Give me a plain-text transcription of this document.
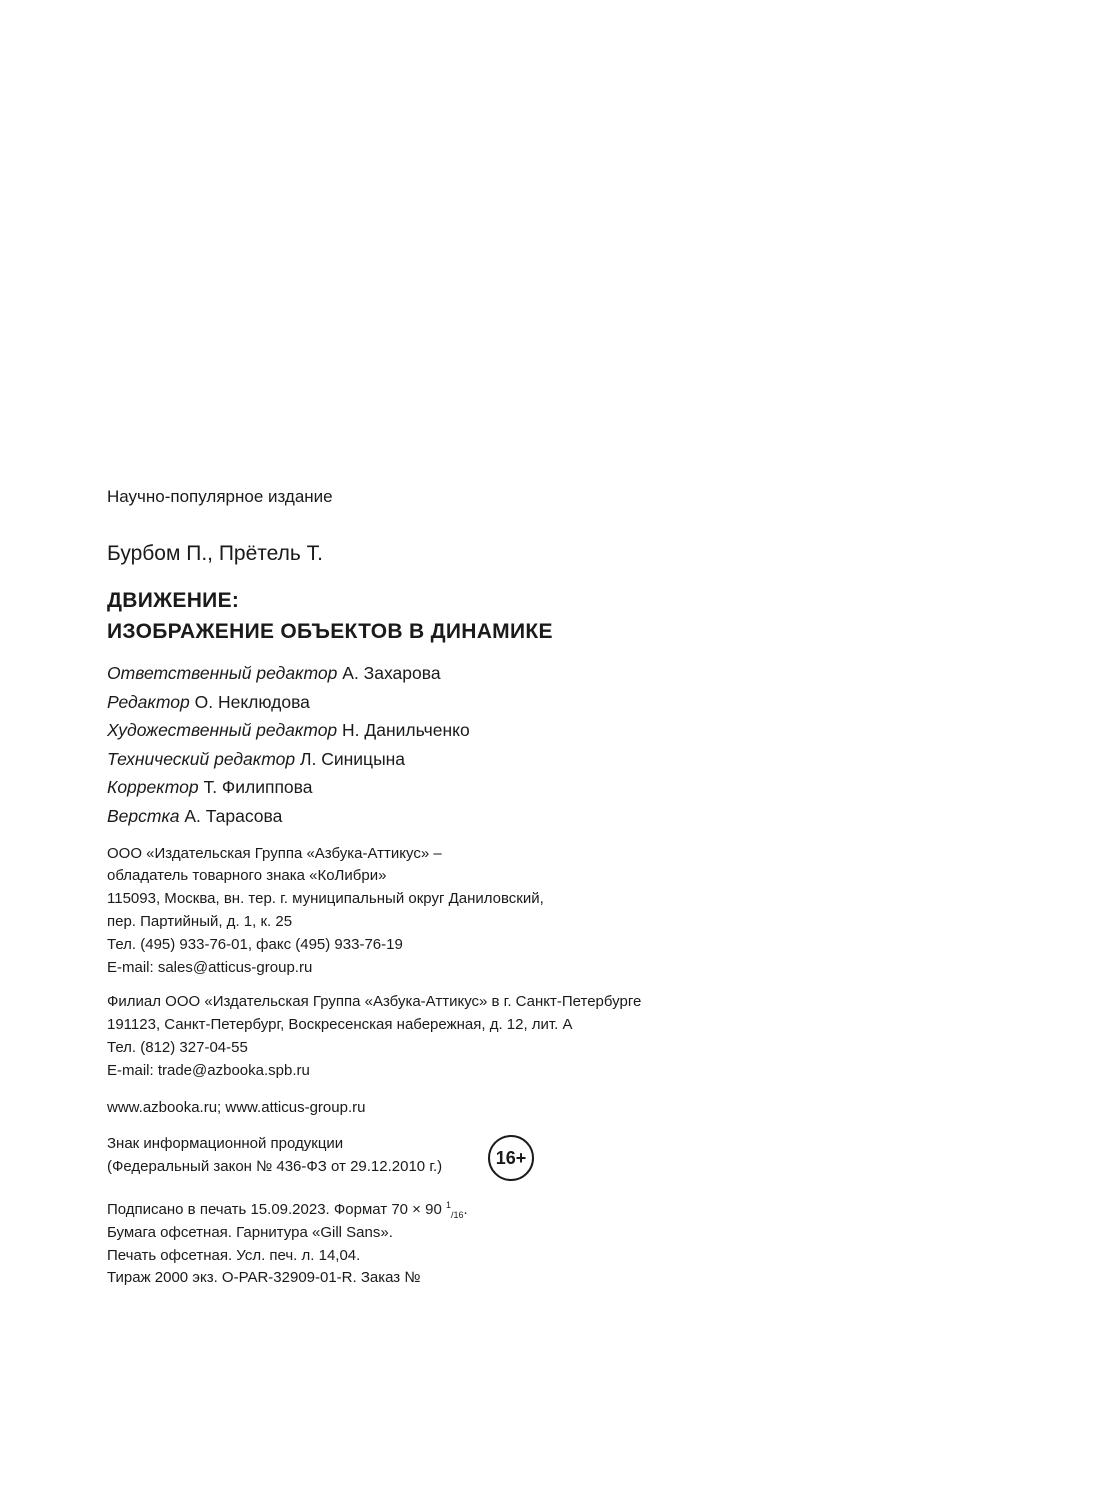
Научно-популярное издание

Бурбом П., Прётель Т.

ДВИЖЕНИЕ:
ИЗОБРАЖЕНИЕ ОБЪЕКТОВ В ДИНАМИКЕ
Ответственный редактор А. Захарова
Редактор О. Неклюдова
Художественный редактор Н. Данильченко
Технический редактор Л. Синицына
Корректор Т. Филиппова
Верстка А. Тарасова
ООО «Издательская Группа «Азбука-Аттикус» –
обладатель товарного знака «КоЛибри»
115093, Москва, вн. тер. г. муниципальный округ Даниловский,
пер. Партийный, д. 1, к. 25
Тел. (495) 933-76-01, факс (495) 933-76-19
E-mail: sales@atticus-group.ru
Филиал ООО «Издательская Группа «Азбука-Аттикус» в г. Санкт-Петербурге
191123, Санкт-Петербург, Воскресенская набережная, д. 12, лит. А
Тел. (812) 327-04-55
E-mail: trade@azbooka.spb.ru
www.azbooka.ru; www.atticus-group.ru
Знак информационной продукции
(Федеральный закон № 436-ФЗ от 29.12.2010 г.)	16+
Подписано в печать 15.09.2023. Формат 70 × 90 $^1_{/16}$.
Бумага офсетная. Гарнитура «Gill Sans».
Печать офсетная. Усл. печ. л. 14,04.
Тираж 2000 экз. O-PAR-32909-01-R. Заказ №
